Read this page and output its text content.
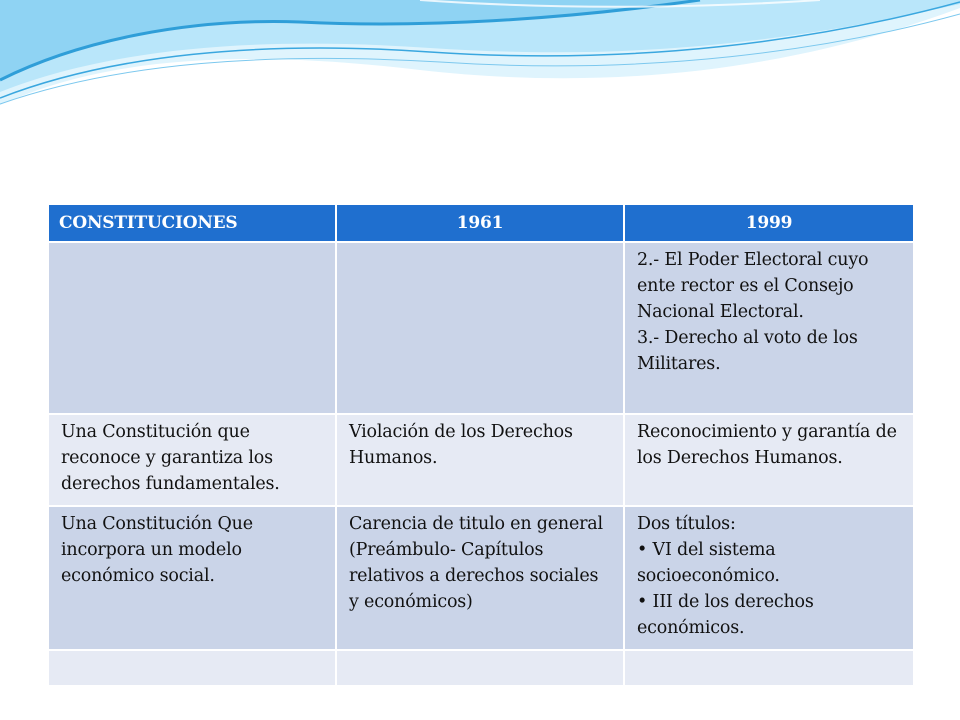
CONSTITUCIONES	1961	1999

		2.- El Poder Electoral cuyo ente rector es el Consejo Nacional Electoral.
3.- Derecho al voto de los Militares.

Una Constitución que reconoce y garantiza los derechos fundamentales.	Violación de los Derechos Humanos.	Reconocimiento y garantía de los Derechos Humanos.

Una Constitución Que incorpora un modelo económico social.	Carencia de titulo en general (Preámbulo- Capítulos relativos a derechos sociales y económicos)	Dos títulos:
• VI del sistema socioeconómico.
• III de los derechos económicos.
